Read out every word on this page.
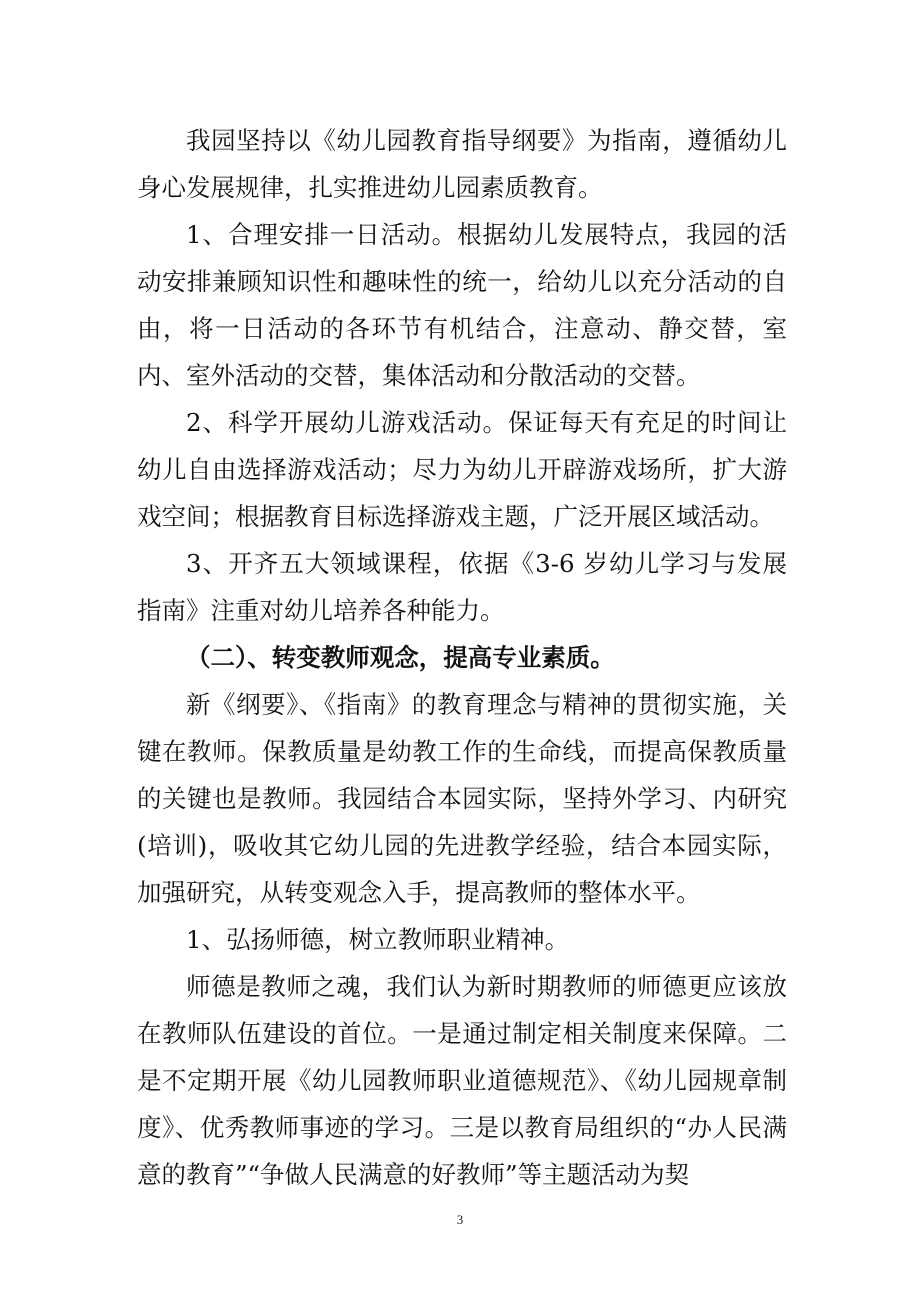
我园坚持以《幼儿园教育指导纲要》为指南，遵循幼儿身心发展规律，扎实推进幼儿园素质教育。

1、合理安排一日活动。根据幼儿发展特点，我园的活动安排兼顾知识性和趣味性的统一，给幼儿以充分活动的自由，将一日活动的各环节有机结合，注意动、静交替，室内、室外活动的交替，集体活动和分散活动的交替。

2、科学开展幼儿游戏活动。保证每天有充足的时间让幼儿自由选择游戏活动；尽力为幼儿开辟游戏场所，扩大游戏空间；根据教育目标选择游戏主题，广泛开展区域活动。

3、开齐五大领域课程，依据《3-6 岁幼儿学习与发展指南》注重对幼儿培养各种能力。

（二）、转变教师观念，提高专业素质。

新《纲要》、《指南》的教育理念与精神的贯彻实施，关键在教师。保教质量是幼教工作的生命线，而提高保教质量的关键也是教师。我园结合本园实际，坚持外学习、内研究(培训)，吸收其它幼儿园的先进教学经验，结合本园实际，加强研究，从转变观念入手，提高教师的整体水平。

1、弘扬师德，树立教师职业精神。

师德是教师之魂，我们认为新时期教师的师德更应该放在教师队伍建设的首位。一是通过制定相关制度来保障。二是不定期开展《幼儿园教师职业道德规范》、《幼儿园规章制度》、优秀教师事迹的学习。三是以教育局组织的“办人民满意的教育”“争做人民满意的好教师”等主题活动为契

3
